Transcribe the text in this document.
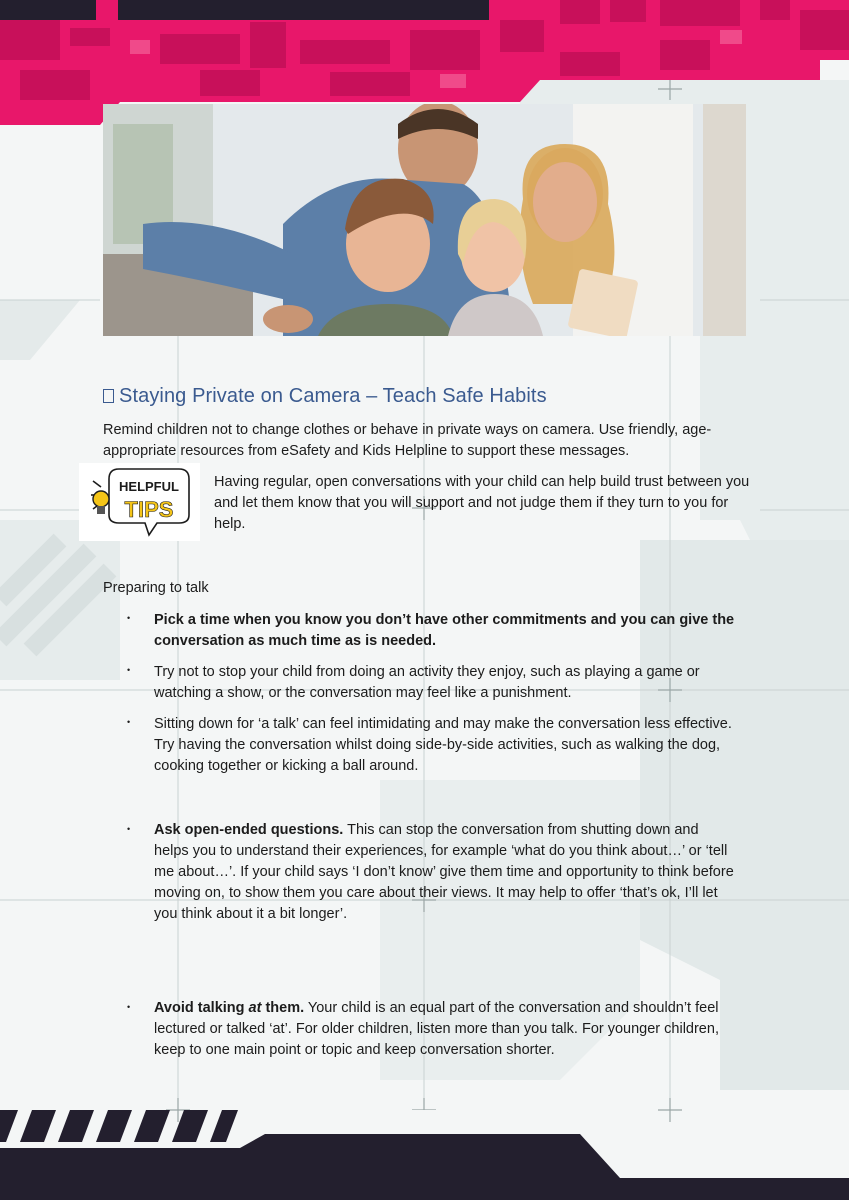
Staying Private on Camera – Teach Safe Habits
Remind children not to change clothes or behave in private ways on camera. Use friendly, age-appropriate resources from eSafety and Kids Helpline to support these messages.
HELPFUL
TIPS
Having regular, open conversations with your child can help build trust between you and let them know that you will support and not judge them if they turn to you for help.
Preparing to talk
• Pick a time when you know you don’t have other commitments and you can give the conversation as much time as is needed.
• Try not to stop your child from doing an activity they enjoy, such as playing a game or watching a show, or the conversation may feel like a punishment.
• Sitting down for ‘a talk’ can feel intimidating and may make the conversation less effective. Try having the conversation whilst doing side-by-side activities, such as walking the dog, cooking together or kicking a ball around.
• Ask open-ended questions. This can stop the conversation from shutting down and helps you to understand their experiences, for example ‘what do you think about…’ or ‘tell me about…’. If your child says ‘I don’t know’ give them time and opportunity to think before moving on, to show them you care about their views. It may help to offer ‘that’s ok, I’ll let you think about it a bit longer’.
• Avoid talking at them. Your child is an equal part of the conversation and shouldn’t feel lectured or talked ‘at’. For older children, listen more than you talk. For younger children, keep to one main point or topic and keep conversation shorter.
